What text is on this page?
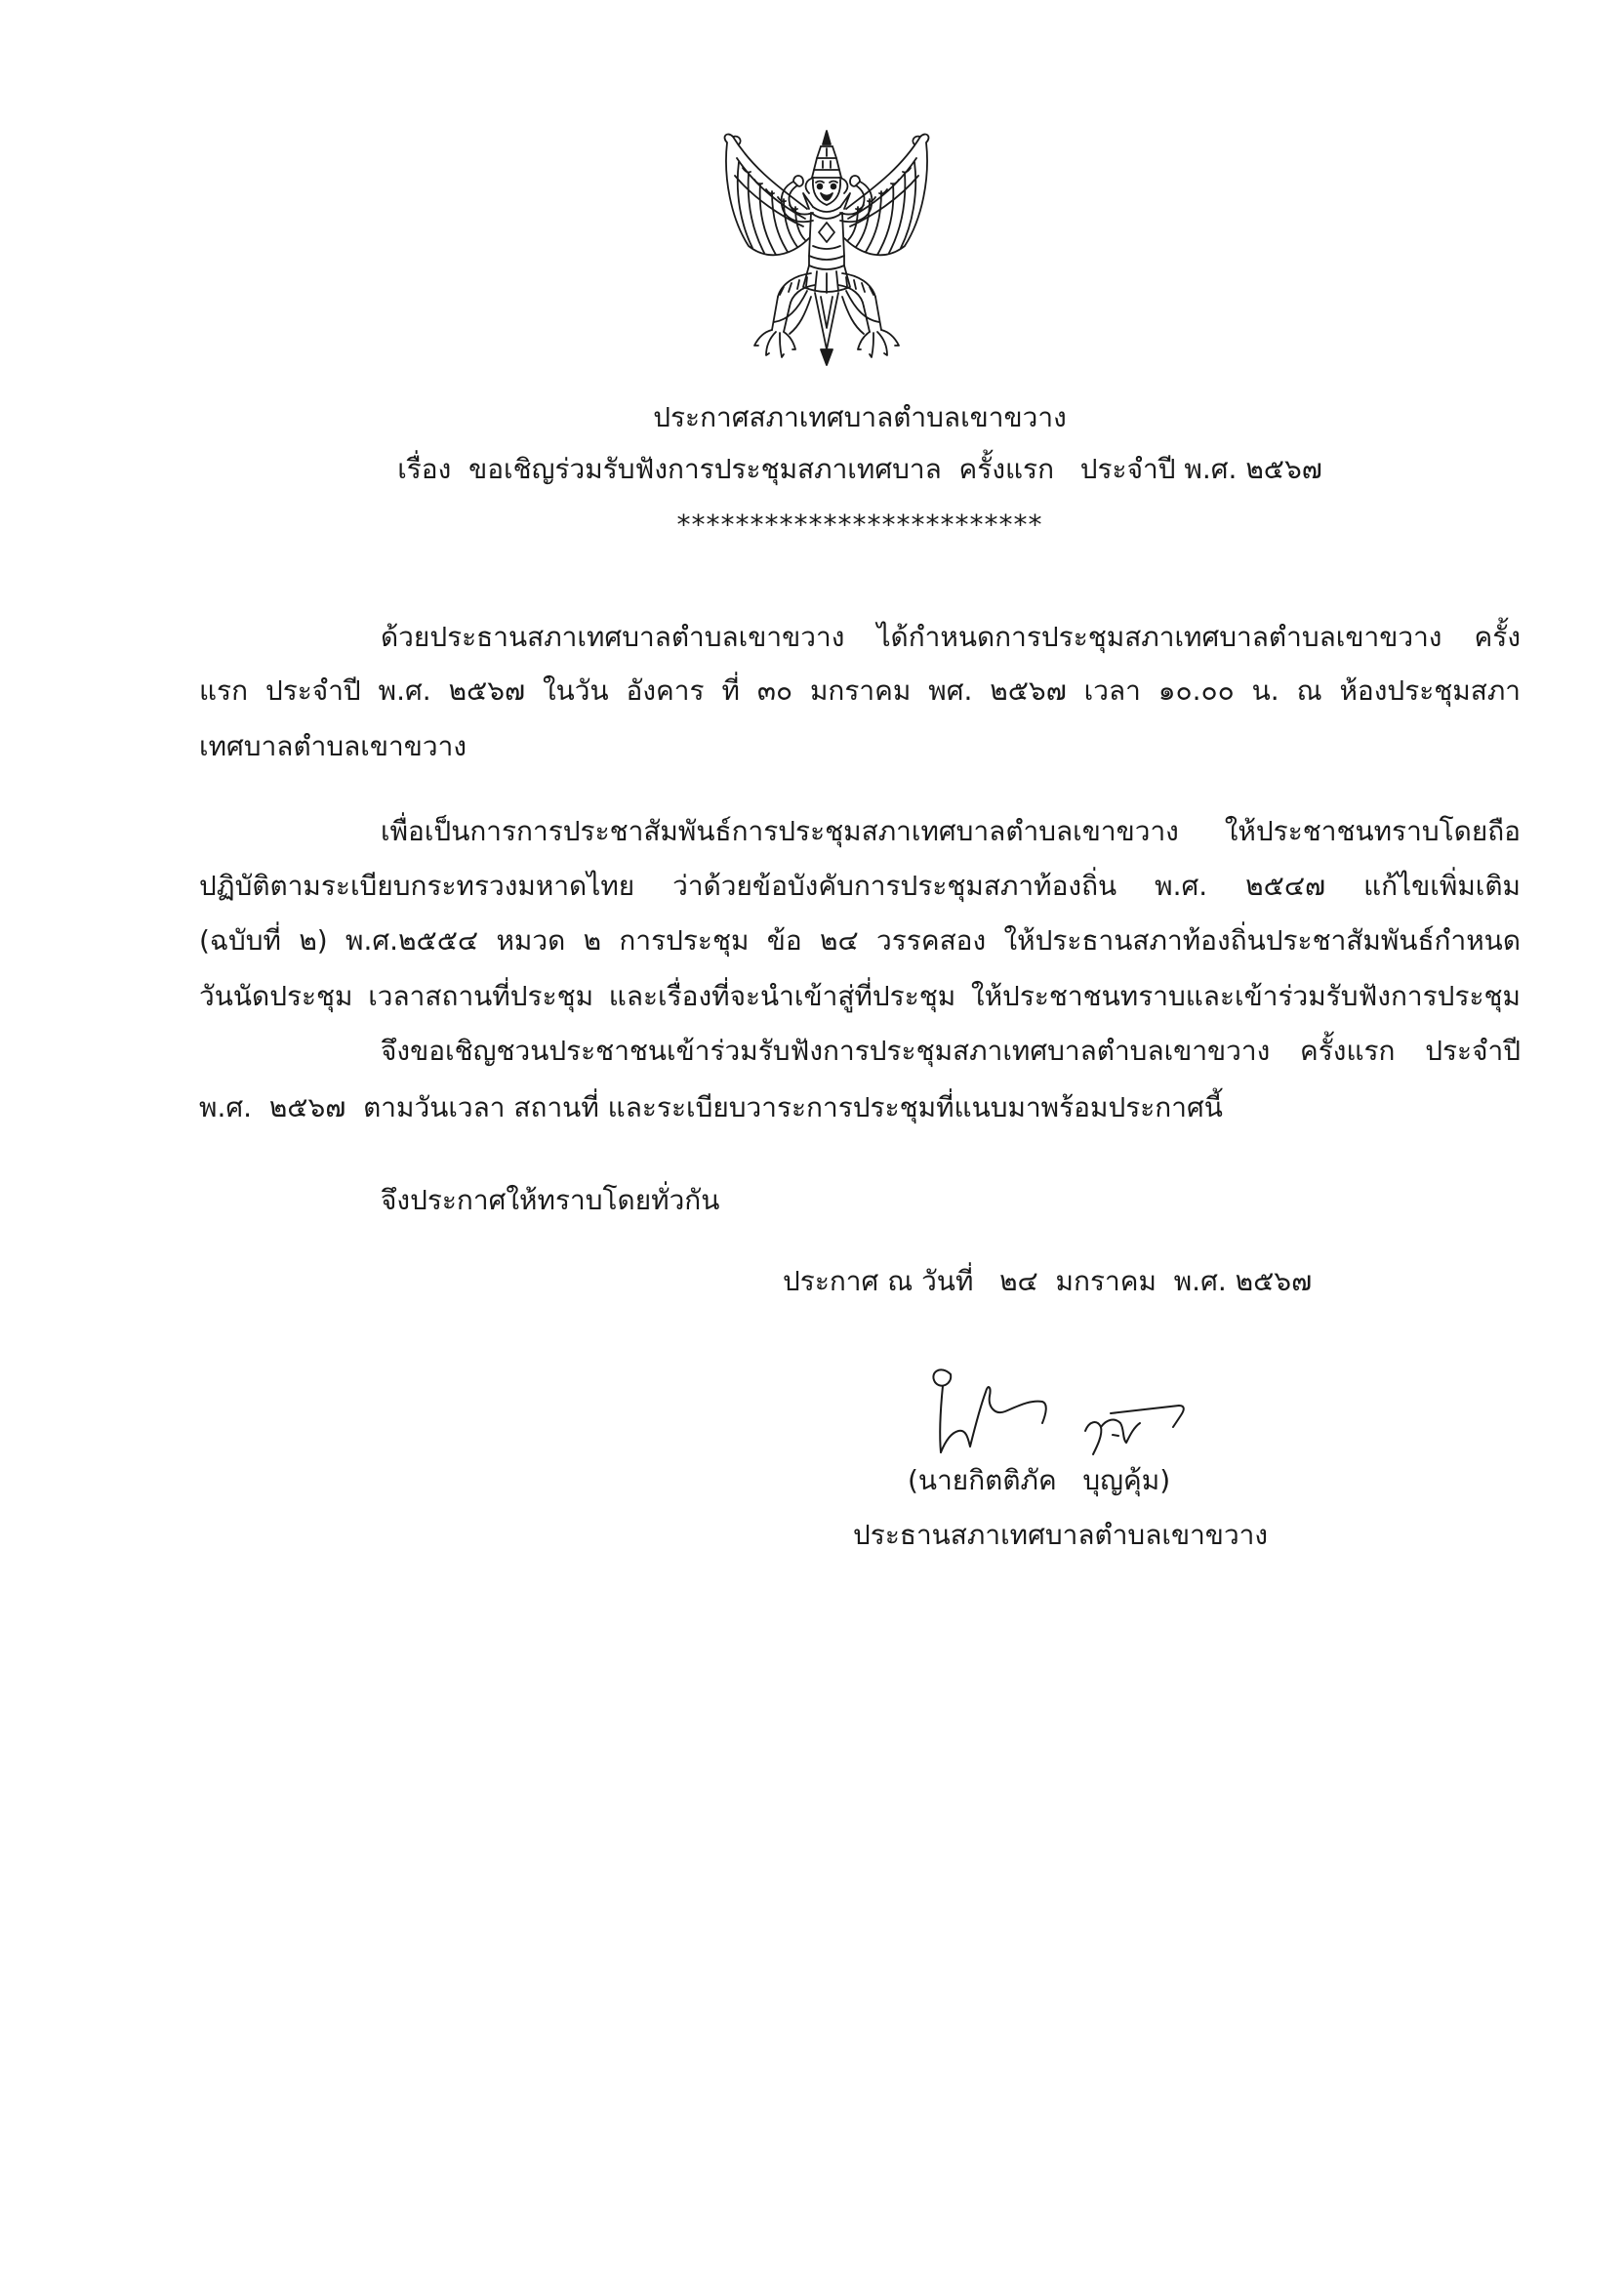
ประกาศสภาเทศบาลตำบลเขาขวาง
เรื่อง  ขอเชิญร่วมรับฟังการประชุมสภาเทศบาล  ครั้งแรก   ประจำปี พ.ศ. ๒๕๖๗
*************************
ด้วยประธานสภาเทศบาลตำบลเขาขวาง ได้กำหนดการประชุมสภาเทศบาลตำบลเขาขวาง ครั้ง
แรก ประจำปี พ.ศ. ๒๕๖๗ ในวัน อังคาร ที่ ๓๐ มกราคม พศ. ๒๕๖๗ เวลา ๑๐.๐๐ น. ณ ห้องประชุมสภา
เทศบาลตำบลเขาขวาง
เพื่อเป็นการการประชาสัมพันธ์การประชุมสภาเทศบาลตำบลเขาขวาง ให้ประชาชนทราบโดยถือ
ปฏิบัติตามระเบียบกระทรวงมหาดไทย ว่าด้วยข้อบังคับการประชุมสภาท้องถิ่น พ.ศ. ๒๕๔๗ แก้ไขเพิ่มเติม
(ฉบับที่ ๒) พ.ศ.๒๕๕๔ หมวด ๒ การประชุม ข้อ ๒๔ วรรคสอง ให้ประธานสภาท้องถิ่นประชาสัมพันธ์กำหนด
วันนัดประชุม เวลาสถานที่ประชุม และเรื่องที่จะนำเข้าสู่ที่ประชุม ให้ประชาชนทราบและเข้าร่วมรับฟังการประชุม
จึงขอเชิญชวนประชาชนเข้าร่วมรับฟังการประชุมสภาเทศบาลตำบลเขาขวาง ครั้งแรก ประจำปี
พ.ศ.  ๒๕๖๗  ตามวันเวลา สถานที่ และระเบียบวาระการประชุมที่แนบมาพร้อมประกาศนี้
จึงประกาศให้ทราบโดยทั่วกัน
ประกาศ ณ วันที่   ๒๔  มกราคม  พ.ศ. ๒๕๖๗
(นายกิตติภัค   บุญคุ้ม)
ประธานสภาเทศบาลตำบลเขาขวาง
